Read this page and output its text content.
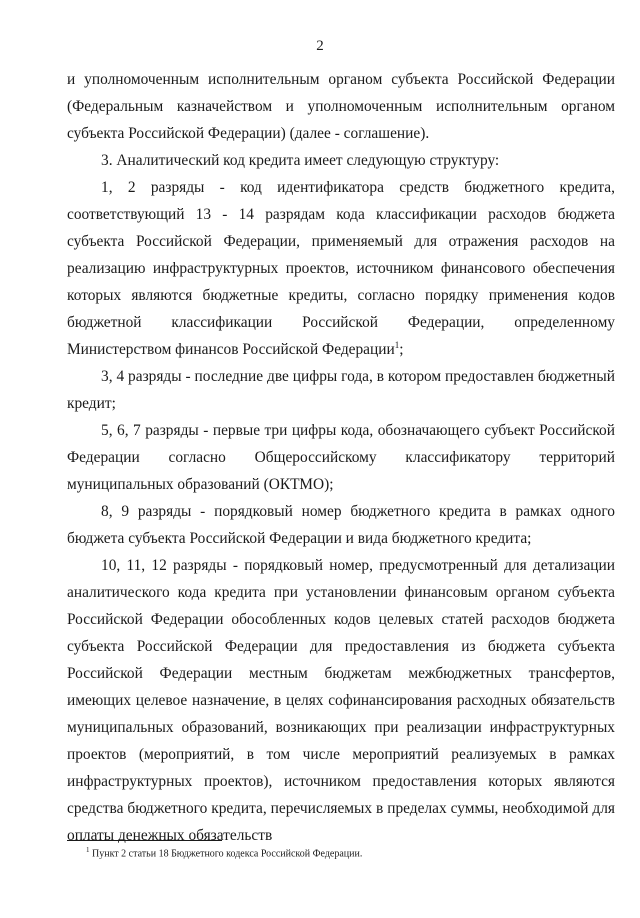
2

и уполномоченным исполнительным органом субъекта Российской Федерации (Федеральным казначейством и уполномоченным исполнительным органом субъекта Российской Федерации) (далее - соглашение).

3. Аналитический код кредита имеет следующую структуру:

1, 2 разряды - код идентификатора средств бюджетного кредита, соответствующий 13 - 14 разрядам кода классификации расходов бюджета субъекта Российской Федерации, применяемый для отражения расходов на реализацию инфраструктурных проектов, источником финансового обеспечения которых являются бюджетные кредиты, согласно порядку применения кодов бюджетной классификации Российской Федерации, определенному Министерством финансов Российской Федерации$^1$;

3, 4 разряды - последние две цифры года, в котором предоставлен бюджетный кредит;

5, 6, 7 разряды - первые три цифры кода, обозначающего субъект Российской Федерации согласно Общероссийскому классификатору территорий муниципальных образований (ОКТМО);

8, 9 разряды - порядковый номер бюджетного кредита в рамках одного бюджета субъекта Российской Федерации и вида бюджетного кредита;

10, 11, 12 разряды - порядковый номер, предусмотренный для детализации аналитического кода кредита при установлении финансовым органом субъекта Российской Федерации обособленных кодов целевых статей расходов бюджета субъекта Российской Федерации для предоставления из бюджета субъекта Российской Федерации местным бюджетам межбюджетных трансфертов, имеющих целевое назначение, в целях софинансирования расходных обязательств муниципальных образований, возникающих при реализации инфраструктурных проектов (мероприятий, в том числе мероприятий реализуемых в рамках инфраструктурных проектов), источником предоставления которых являются средства бюджетного кредита, перечисляемых в пределах суммы, необходимой для оплаты денежных обязательств

$^1$ Пункт 2 статьи 18 Бюджетного кодекса Российской Федерации.
